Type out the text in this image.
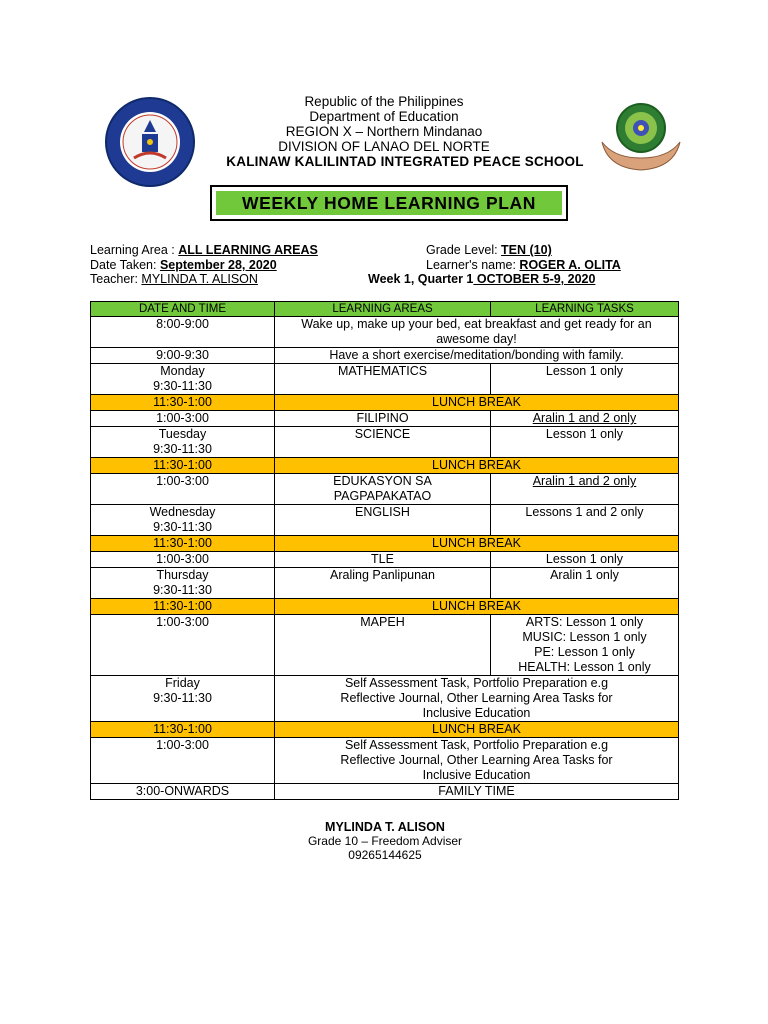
Republic of the Philippines
Department of Education
REGION X – Northern Mindanao
DIVISION OF LANAO DEL NORTE
KALINAW KALILINTAD INTEGRATED PEACE SCHOOL
WEEKLY HOME LEARNING PLAN
Learning Area : ALL LEARNING AREAS	Grade Level: TEN (10)
Date Taken: September 28, 2020	Learner's name: ROGER A. OLITA
Teacher: MYLINDA T. ALISON	Week 1, Quarter 1 OCTOBER 5-9, 2020
DATE AND TIME	LEARNING AREAS	LEARNING TASKS
8:00-9:00	Wake up, make up your bed, eat breakfast and get ready for an awesome day!	
9:00-9:30	Have a short exercise/meditation/bonding with family.	

Monday
9:30-11:30	MATHEMATICS	Lesson 1 only
11:30-1:00	LUNCH BREAK	
1:00-3:00	FILIPINO	Aralin 1 and 2 only

Tuesday
9:30-11:30	SCIENCE	Lesson 1 only
11:30-1:00	LUNCH BREAK	
1:00-3:00	EDUKASYON SA PAGPAPAKATAO	Aralin 1 and 2 only

Wednesday
9:30-11:30	ENGLISH	Lessons 1 and 2 only
11:30-1:00	LUNCH BREAK	
1:00-3:00	TLE	Lesson 1 only

Thursday
9:30-11:30	Araling Panlipunan	Aralin 1 only
11:30-1:00	LUNCH BREAK	
1:00-3:00	MAPEH	ARTS: Lesson 1 only
MUSIC: Lesson 1 only
PE: Lesson 1 only
HEALTH: Lesson 1 only

Friday
9:30-11:30	Self Assessment Task, Portfolio Preparation e.g Reflective Journal, Other Learning Area Tasks for Inclusive Education	
11:30-1:00	LUNCH BREAK	
1:00-3:00	Self Assessment Task, Portfolio Preparation e.g Reflective Journal, Other Learning Area Tasks for Inclusive Education	
3:00-ONWARDS	FAMILY TIME	
MYLINDA T. ALISON
Grade 10 – Freedom Adviser
09265144625
